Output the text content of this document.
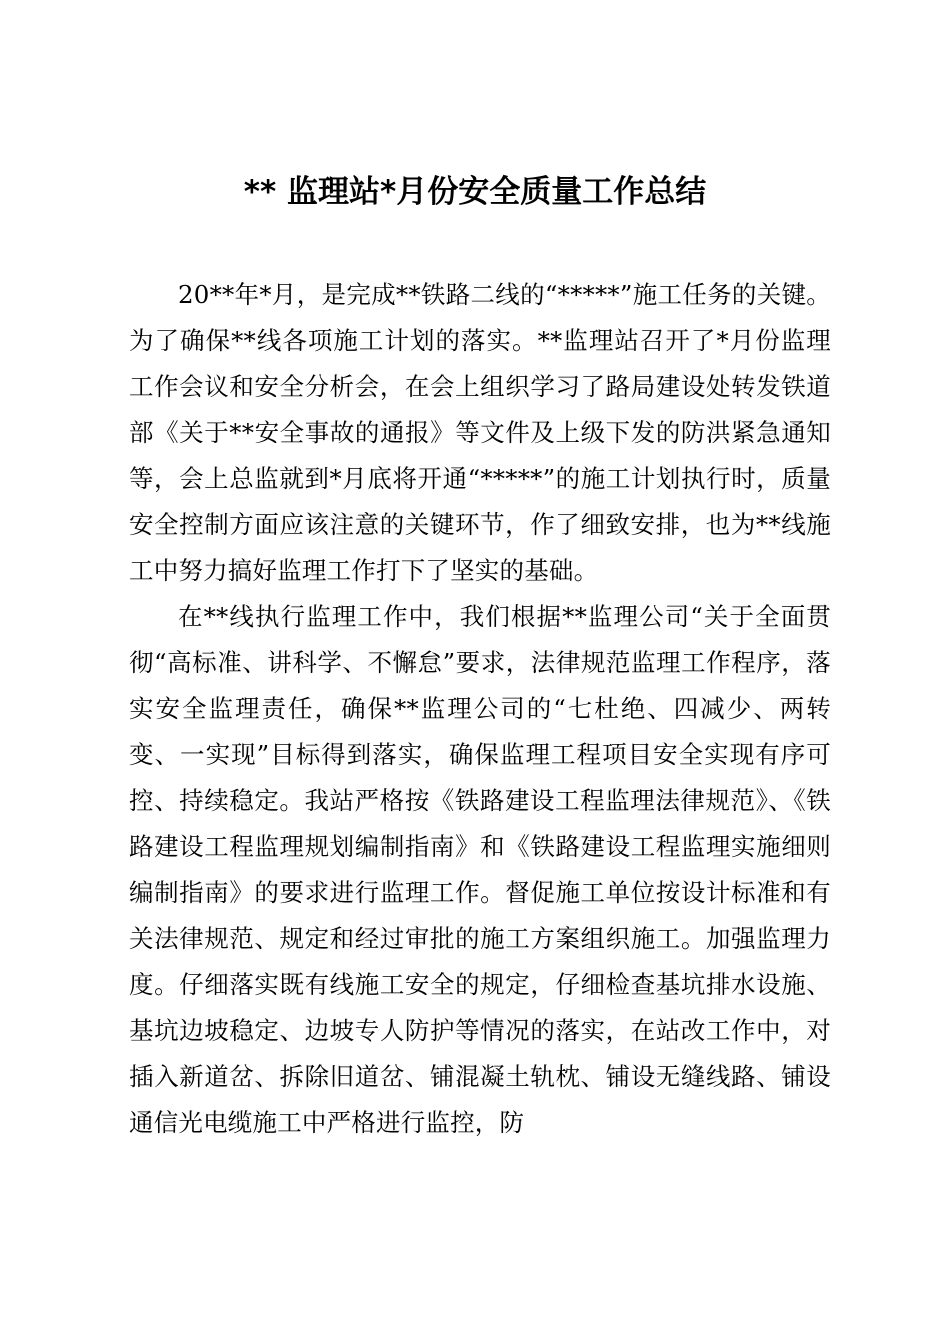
** 监理站*月份安全质量工作总结

20**年*月，是完成**铁路二线的“*****”施工任务的关键。为了确保**线各项施工计划的落实。**监理站召开了*月份监理工作会议和安全分析会，在会上组织学习了路局建设处转发铁道部《关于**安全事故的通报》等文件及上级下发的防洪紧急通知等，会上总监就到*月底将开通“*****”的施工计划执行时，质量安全控制方面应该注意的关键环节，作了细致安排，也为**线施工中努力搞好监理工作打下了坚实的基础。

在**线执行监理工作中，我们根据**监理公司“关于全面贯彻“高标准、讲科学、不懈怠”要求，法律规范监理工作程序，落实安全监理责任，确保**监理公司的“七杜绝、四减少、两转变、一实现”目标得到落实，确保监理工程项目安全实现有序可控、持续稳定。我站严格按《铁路建设工程监理法律规范》、《铁路建设工程监理规划编制指南》和《铁路建设工程监理实施细则编制指南》的要求进行监理工作。督促施工单位按设计标准和有关法律规范、规定和经过审批的施工方案组织施工。加强监理力度。仔细落实既有线施工安全的规定，仔细检查基坑排水设施、基坑边坡稳定、边坡专人防护等情况的落实，在站改工作中，对插入新道岔、拆除旧道岔、铺混凝土轨枕、铺设无缝线路、铺设通信光电缆施工中严格进行监控，防
